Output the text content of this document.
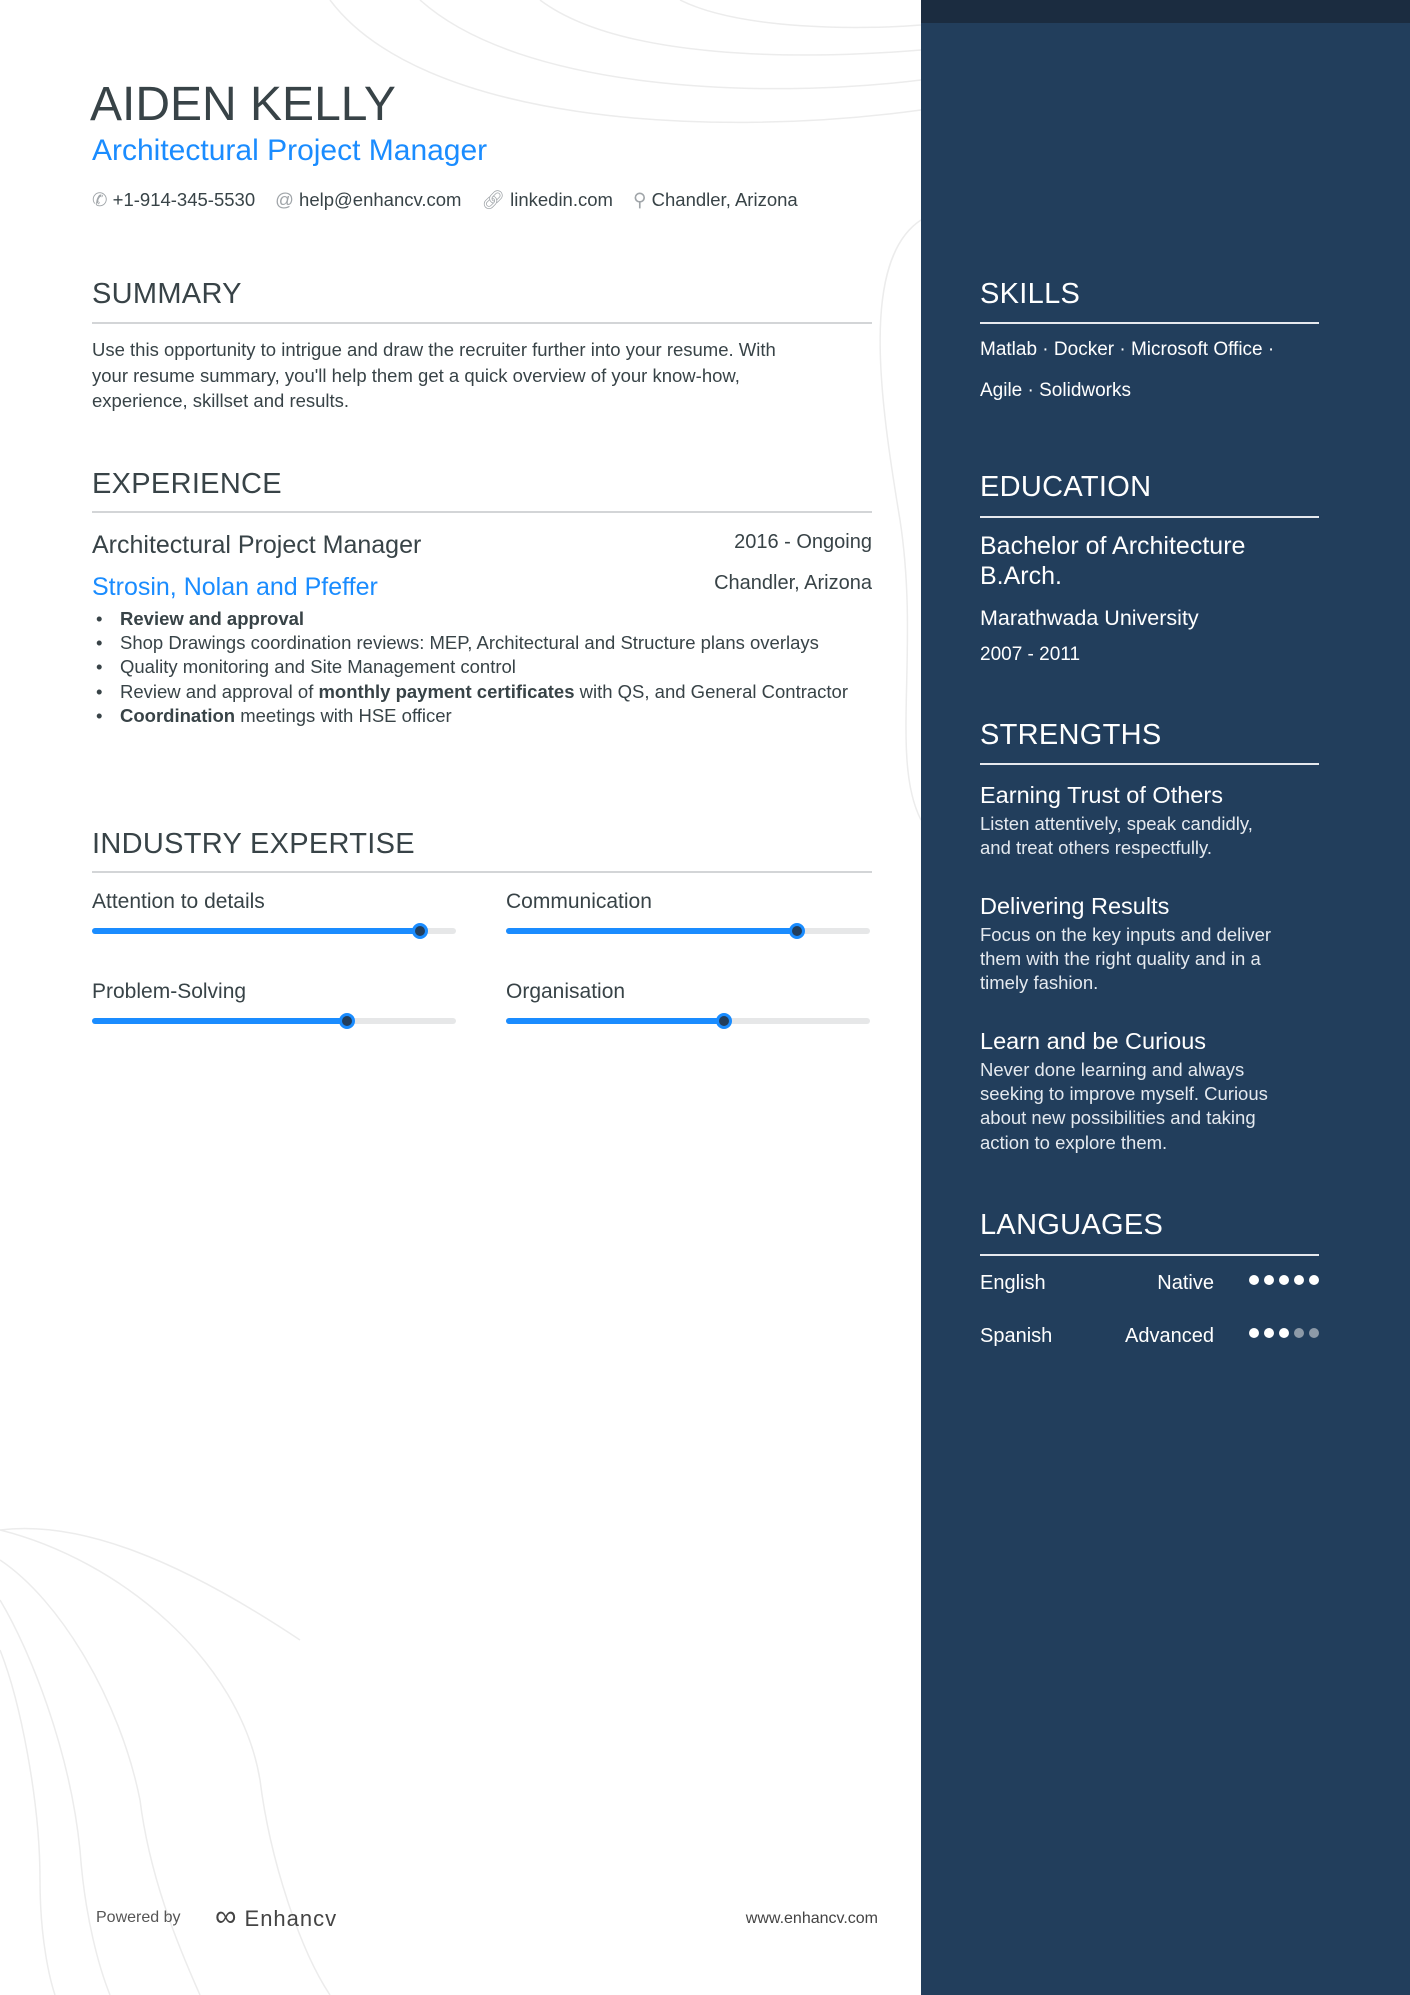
AIDEN KELLY
Architectural Project Manager
✆ +1-914-345-5530 @ help@enhancv.com 🔗︎ linkedin.com ⚲ Chandler, Arizona
SUMMARY
Use this opportunity to intrigue and draw the recruiter further into your resume. With
your resume summary, you'll help them get a quick overview of your know-how,
experience, skillset and results.
EXPERIENCE
Architectural Project Manager	2016 - Ongoing
Strosin, Nolan and Pfeffer	Chandler, Arizona
• Review and approval
• Shop Drawings coordination reviews: MEP, Architectural and Structure plans overlays
• Quality monitoring and Site Management control
• Review and approval of monthly payment certificates with QS, and General Contractor
• Coordination meetings with HSE officer
INDUSTRY EXPERTISE
Attention to details	Communication
Problem-Solving	Organisation
Powered by ∞ Enhancv	www.enhancv.com
SKILLS
Matlab · Docker · Microsoft Office ·
Agile · Solidworks
EDUCATION
Bachelor of Architecture
B.Arch.
Marathwada University
2007 - 2011
STRENGTHS
Earning Trust of Others
Listen attentively, speak candidly,
and treat others respectfully.
Delivering Results
Focus on the key inputs and deliver
them with the right quality and in a
timely fashion.
Learn and be Curious
Never done learning and always
seeking to improve myself. Curious
about new possibilities and taking
action to explore them.
LANGUAGES
English	Native
Spanish	Advanced
